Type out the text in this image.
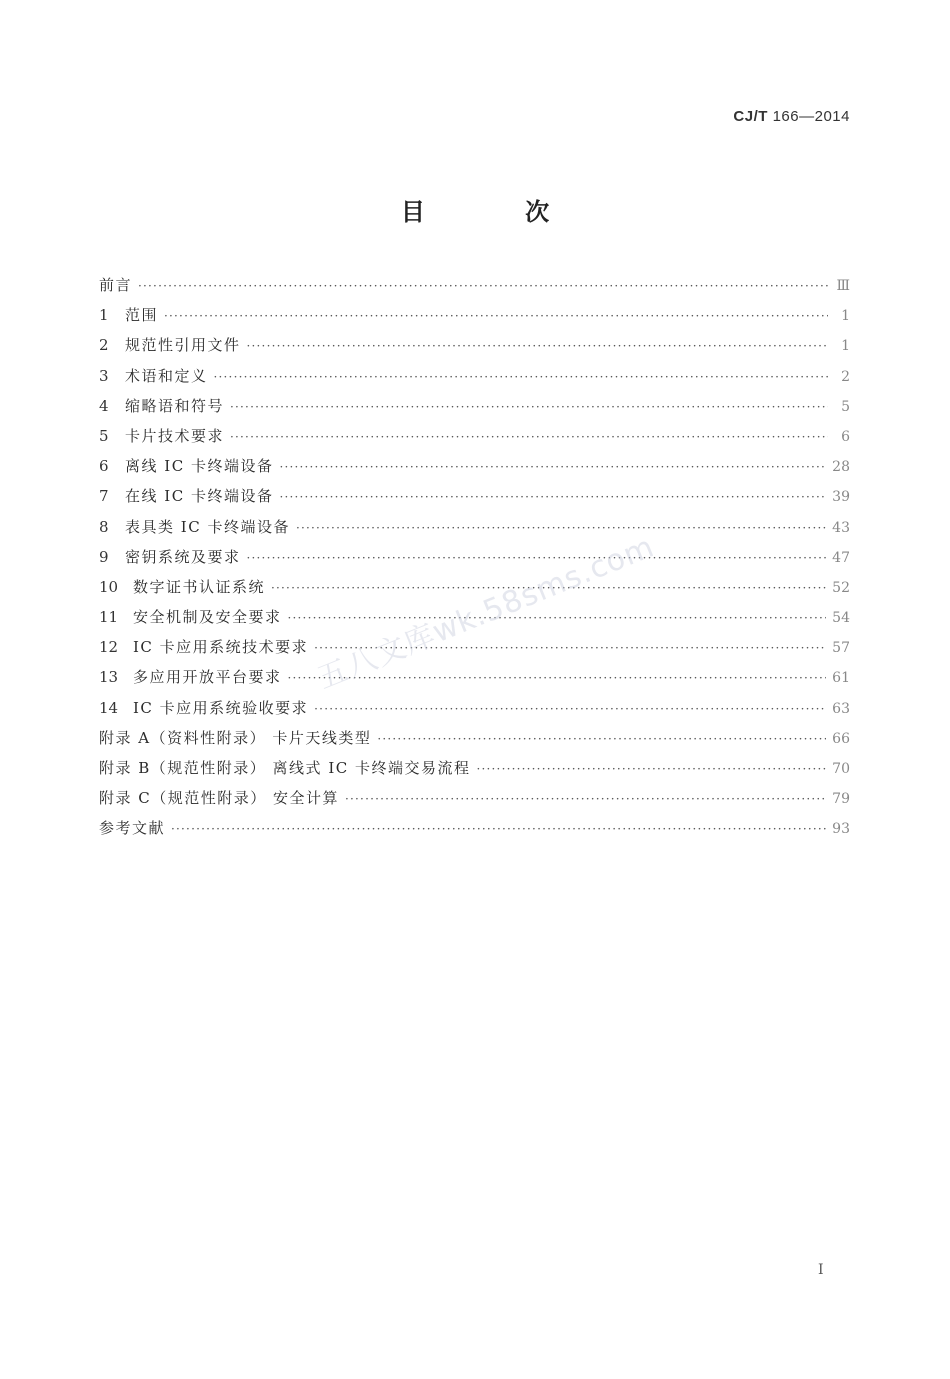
CJ/T 166—2014
目 次
前言 ·····	Ⅲ
1	范围 ·····	1
2	规范性引用文件 ·····	1
3	术语和定义 ·····	2
4	缩略语和符号 ·····	5
5	卡片技术要求 ·····	6
6	离线 IC 卡终端设备 ·····	28
7	在线 IC 卡终端设备 ·····	39
8	表具类 IC 卡终端设备 ·····	43
9	密钥系统及要求 ·····	47
10 数字证书认证系统 ·····	52
11 安全机制及安全要求 ·····	54
12 IC 卡应用系统技术要求 ·····	57
13 多应用开放平台要求 ·····	61
14 IC 卡应用系统验收要求 ·····	63
附录 A（资料性附录） 卡片天线类型 ·····	66
附录 B（规范性附录） 离线式 IC 卡终端交易流程 ·····	70
附录 C（规范性附录） 安全计算 ·····	79
参考文献 ·····	93
五八文库wk.58sms.com
Ⅰ
